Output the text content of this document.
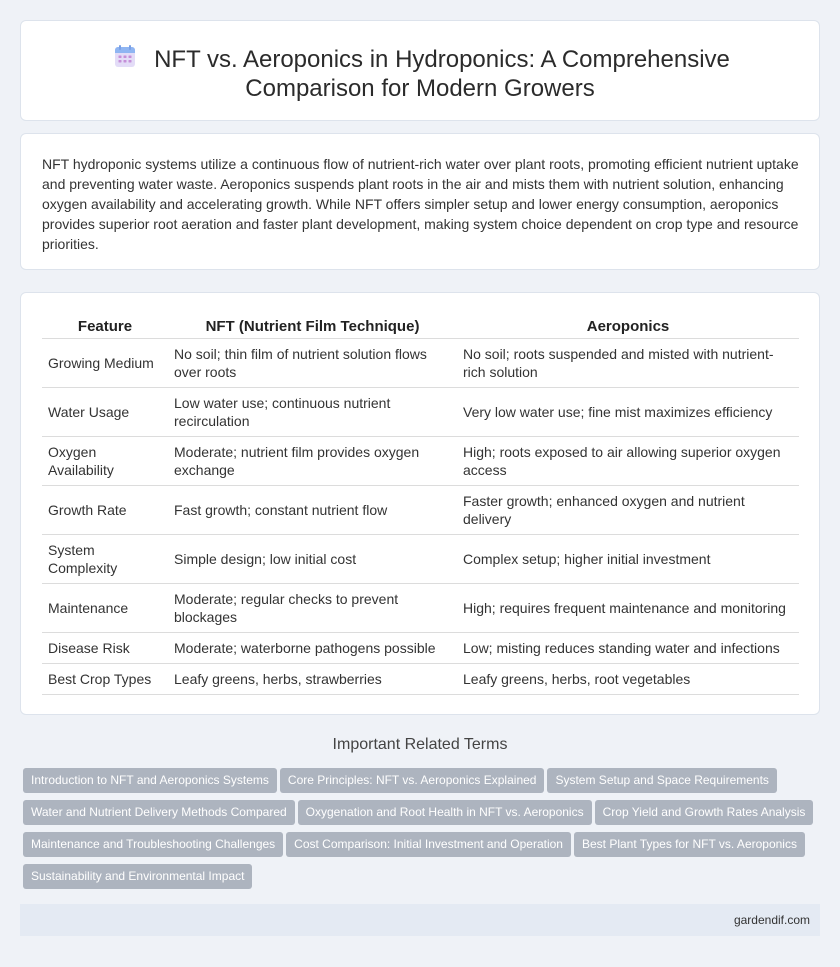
NFT vs. Aeroponics in Hydroponics: A Comprehensive
Comparison for Modern Growers

NFT hydroponic systems utilize a continuous flow of nutrient-rich water over plant roots, promoting efficient nutrient uptake and preventing water waste. Aeroponics suspends plant roots in the air and mists them with nutrient solution, enhancing oxygen availability and accelerating growth. While NFT offers simpler setup and lower energy consumption, aeroponics provides superior root aeration and faster plant development, making system choice dependent on crop type and resource priorities.

Feature	NFT (Nutrient Film Technique)	Aeroponics
Growing Medium	No soil; thin film of nutrient solution flows over roots	No soil; roots suspended and misted with nutrient-rich solution
Water Usage	Low water use; continuous nutrient recirculation	Very low water use; fine mist maximizes efficiency
Oxygen Availability	Moderate; nutrient film provides oxygen exchange	High; roots exposed to air allowing superior oxygen access
Growth Rate	Fast growth; constant nutrient flow	Faster growth; enhanced oxygen and nutrient delivery
System Complexity	Simple design; low initial cost	Complex setup; higher initial investment
Maintenance	Moderate; regular checks to prevent blockages	High; requires frequent maintenance and monitoring
Disease Risk	Moderate; waterborne pathogens possible	Low; misting reduces standing water and infections
Best Crop Types	Leafy greens, herbs, strawberries	Leafy greens, herbs, root vegetables
Important Related Terms
Introduction to NFT and Aeroponics Systems Core Principles: NFT vs. Aeroponics Explained System Setup and Space RequirementsWater and Nutrient Delivery Methods Compared Oxygenation and Root Health in NFT vs. Aeroponics Crop Yield and Growth Rates AnalysisMaintenance and Troubleshooting Challenges Cost Comparison: Initial Investment and Operation Best Plant Types for NFT vs. AeroponicsSustainability and Environmental Impact
gardendif.com
